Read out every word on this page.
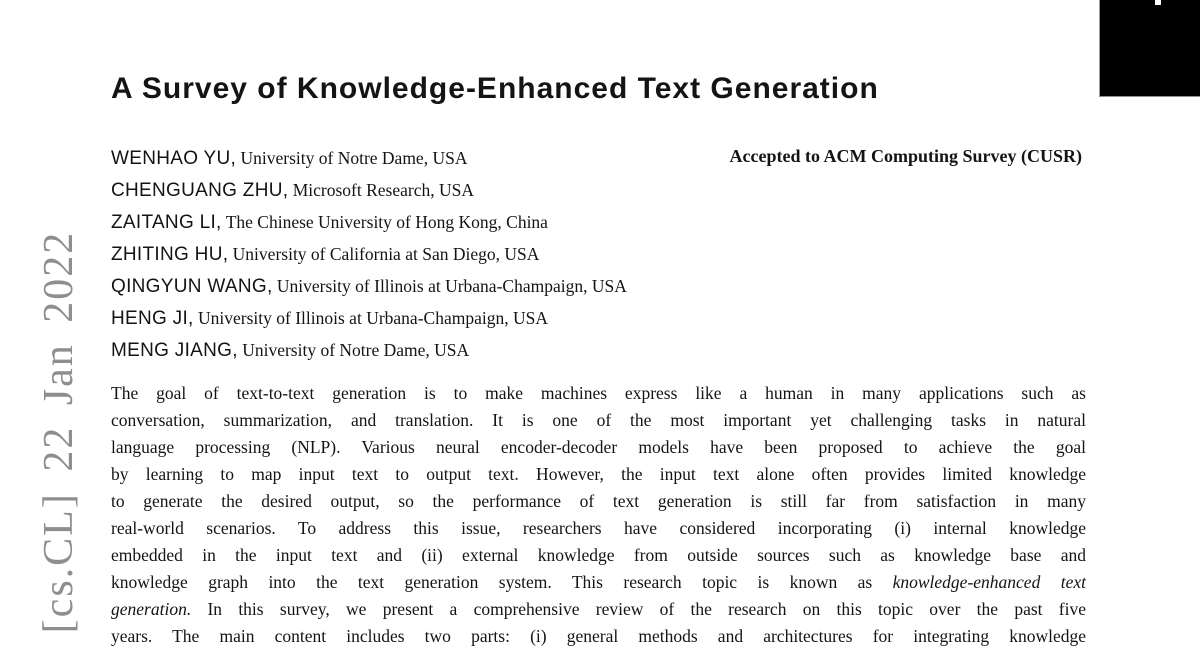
[cs.CL] 22 Jan 2022
A Survey of Knowledge-Enhanced Text Generation
Accepted to ACM Computing Survey (CUSR)
WENHAO YU, University of Notre Dame, USA
CHENGUANG ZHU, Microsoft Research, USA
ZAITANG LI, The Chinese University of Hong Kong, China
ZHITING HU, University of California at San Diego, USA
QINGYUN WANG, University of Illinois at Urbana-Champaign, USA
HENG JI, University of Illinois at Urbana-Champaign, USA
MENG JIANG, University of Notre Dame, USA
The goal of text-to-text generation is to make machines express like a human in many applications such as
conversation, summarization, and translation. It is one of the most important yet challenging tasks in natural
language processing (NLP). Various neural encoder-decoder models have been proposed to achieve the goal
by learning to map input text to output text. However, the input text alone often provides limited knowledge
to generate the desired output, so the performance of text generation is still far from satisfaction in many
real-world scenarios. To address this issue, researchers have considered incorporating (i) internal knowledge
embedded in the input text and (ii) external knowledge from outside sources such as knowledge base and
knowledge graph into the text generation system. This research topic is known as knowledge-enhanced text
generation. In this survey, we present a comprehensive review of the research on this topic over the past five
years. The main content includes two parts: (i) general methods and architectures for integrating knowledge
